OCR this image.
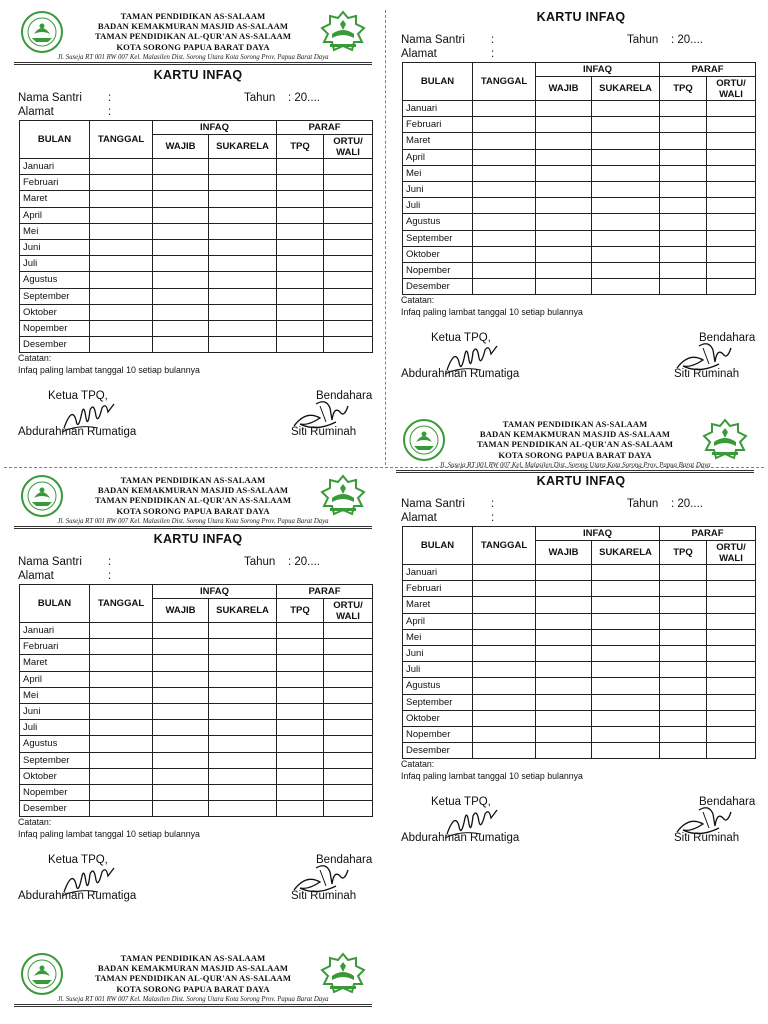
TAMAN PENDIDIKAN AS-SALAAM
BADAN KEMAKMURAN MASJID AS-SALAAM
TAMAN PENDIDIKAN AL-QUR'AN AS-SALAAM
KOTA SORONG PAPUA BARAT DAYA
Jl. Suseja RT 001 RW 007 Kel. Malasilen Dist. Sorong Utara Kota Sorong Prov. Papua Barat Daya
KARTU INFAQ
Nama Santri :	Tahun : 20....
Alamat	:
BULAN	TANGGAL	INFAQ		PARAF	
		WAJIB	SUKARELA	TPQ	ORTU/ WALI
Januari					
Februari					
Maret					
April					
Mei					
Juni					
Juli					
Agustus					
September					
Oktober					
Nopember					
Desember					
Catatan:
Infaq paling lambat tanggal 10 setiap bulannya
Ketua TPQ,
Abdurahman Rumatiga
Bendahara
Siti Ruminah
KARTU INFAQ
Nama Santri :	Tahun : 20....
Alamat	:
BULAN	TANGGAL	INFAQ		PARAF	
		WAJIB	SUKARELA	TPQ	ORTU/ WALI
Januari					
Februari					
Maret					
April					
Mei					
Juni					
Juli					
Agustus					
September					
Oktober					
Nopember					
Desember					
Catatan:
Infaq paling lambat tanggal 10 setiap bulannya
Ketua TPQ,
Abdurahman Rumatiga
Bendahara
Siti Ruminah
TAMAN PENDIDIKAN AS-SALAAM
BADAN KEMAKMURAN MASJID AS-SALAAM
TAMAN PENDIDIKAN AL-QUR'AN AS-SALAAM
KOTA SORONG PAPUA BARAT DAYA
Jl. Suseja RT 001 RW 007 Kel. Malasilen Dist. Sorong Utara Kota Sorong Prov. Papua Barat Daya
TAMAN PENDIDIKAN AS-SALAAM
BADAN KEMAKMURAN MASJID AS-SALAAM
TAMAN PENDIDIKAN AL-QUR'AN AS-SALAAM
KOTA SORONG PAPUA BARAT DAYA
Jl. Suseja RT 001 RW 007 Kel. Malasilen Dist. Sorong Utara Kota Sorong Prov. Papua Barat Daya
KARTU INFAQ
Nama Santri :	Tahun : 20....
Alamat	:
BULAN	TANGGAL	INFAQ		PARAF	
		WAJIB	SUKARELA	TPQ	ORTU/ WALI
Januari					
Februari					
Maret					
April					
Mei					
Juni					
Juli					
Agustus					
September					
Oktober					
Nopember					
Desember					
Catatan:
Infaq paling lambat tanggal 10 setiap bulannya
Ketua TPQ,
Abdurahman Rumatiga
Bendahara
Siti Ruminah
KARTU INFAQ
Nama Santri :	Tahun : 20....
Alamat	:
BULAN	TANGGAL	INFAQ		PARAF	
		WAJIB	SUKARELA	TPQ	ORTU/ WALI
Januari					
Februari					
Maret					
April					
Mei					
Juni					
Juli					
Agustus					
September					
Oktober					
Nopember					
Desember					
Catatan:
Infaq paling lambat tanggal 10 setiap bulannya
Ketua TPQ,
Abdurahman Rumatiga
Bendahara
Siti Ruminah
TAMAN PENDIDIKAN AS-SALAAM
BADAN KEMAKMURAN MASJID AS-SALAAM
TAMAN PENDIDIKAN AL-QUR'AN AS-SALAAM
KOTA SORONG PAPUA BARAT DAYA
Jl. Suseja RT 001 RW 007 Kel. Malasilen Dist. Sorong Utara Kota Sorong Prov. Papua Barat Daya
